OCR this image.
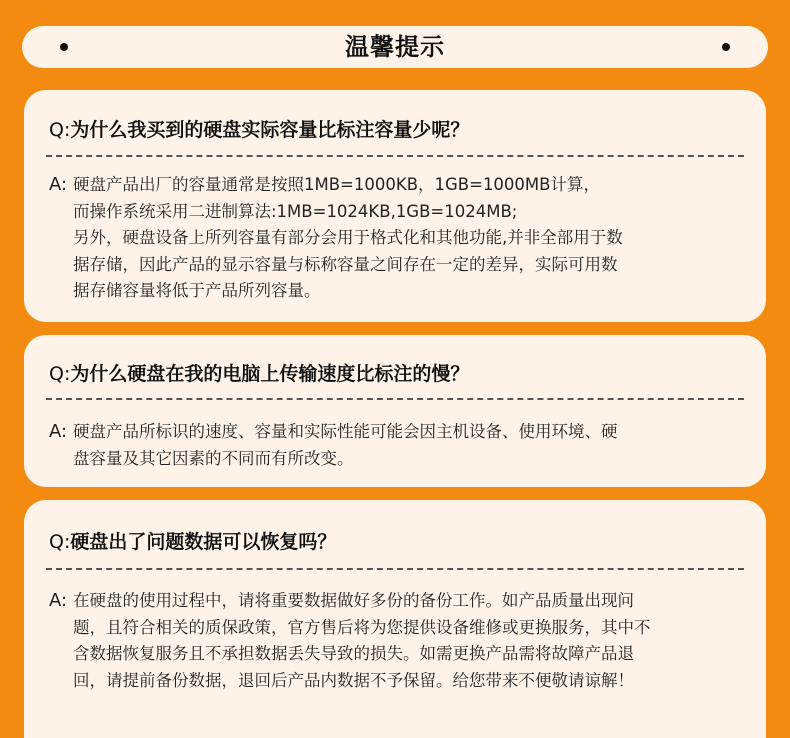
温馨提示
Q:为什么我买到的硬盘实际容量比标注容量少呢？
A: 硬盘产品出厂的容量通常是按照1MB=1000KB，1GB=1000MB计算，
而操作系统采用二进制算法:1MB=1024KB,1GB=1024MB;
另外，硬盘设备上所列容量有部分会用于格式化和其他功能,并非全部用于数
据存储，因此产品的显示容量与标称容量之间存在一定的差异，实际可用数
据存储容量将低于产品所列容量。
Q:为什么硬盘在我的电脑上传输速度比标注的慢？
A: 硬盘产品所标识的速度、容量和实际性能可能会因主机设备、使用环境、硬
盘容量及其它因素的不同而有所改变。
Q:硬盘出了问题数据可以恢复吗？
A: 在硬盘的使用过程中，请将重要数据做好多份的备份工作。如产品质量出现问
题，且符合相关的质保政策，官方售后将为您提供设备维修或更换服务，其中不
含数据恢复服务且不承担数据丢失导致的损失。如需更换产品需将故障产品退
回，请提前备份数据，退回后产品内数据不予保留。给您带来不便敬请谅解！
